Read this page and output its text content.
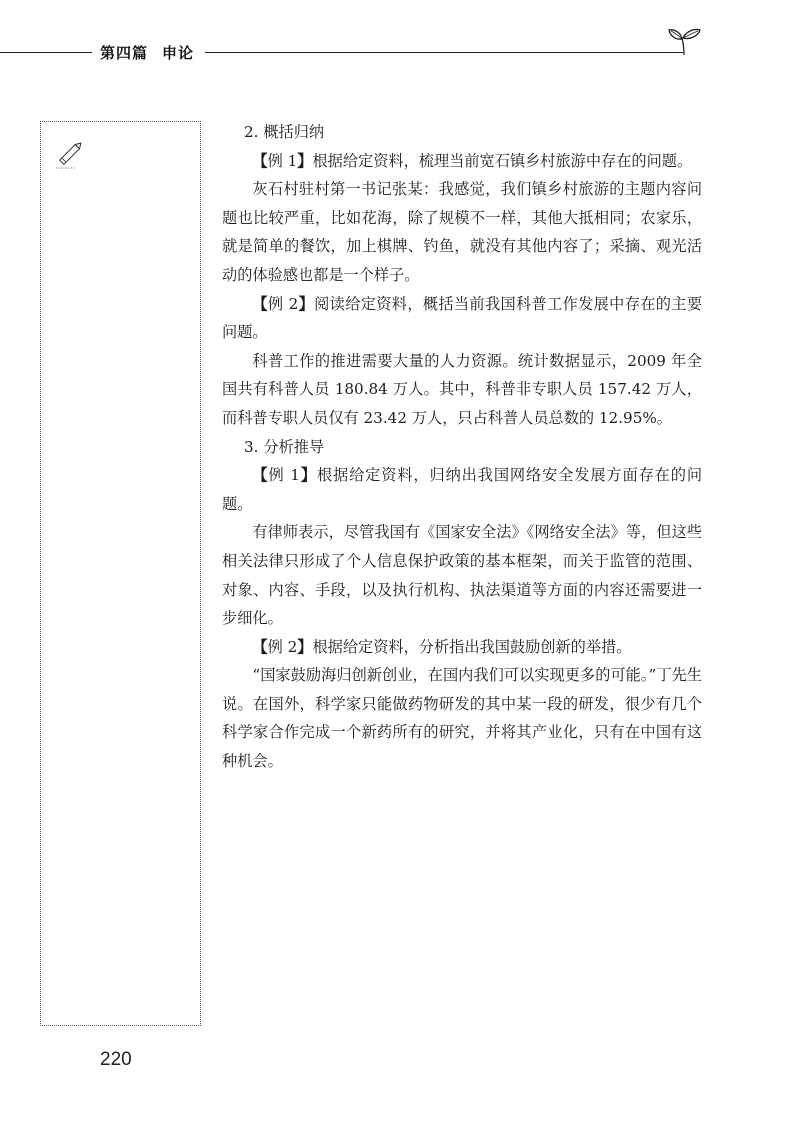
第四篇 申论

2. 概括归纳

【例 1】根据给定资料，梳理当前宽石镇乡村旅游中存在的问题。

灰石村驻村第一书记张某：我感觉，我们镇乡村旅游的主题内容问题也比较严重，比如花海，除了规模不一样，其他大抵相同；农家乐，就是简单的餐饮，加上棋牌、钓鱼，就没有其他内容了；采摘、观光活动的体验感也都是一个样子。

【例 2】阅读给定资料，概括当前我国科普工作发展中存在的主要问题。

科普工作的推进需要大量的人力资源。统计数据显示，2009 年全国共有科普人员 180.84 万人。其中，科普非专职人员 157.42 万人，而科普专职人员仅有 23.42 万人，只占科普人员总数的 12.95%。

3. 分析推导

【例 1】根据给定资料，归纳出我国网络安全发展方面存在的问题。

有律师表示，尽管我国有《国家安全法》《网络安全法》等，但这些相关法律只形成了个人信息保护政策的基本框架，而关于监管的范围、对象、内容、手段，以及执行机构、执法渠道等方面的内容还需要进一步细化。

【例 2】根据给定资料，分析指出我国鼓励创新的举措。

“国家鼓励海归创新创业，在国内我们可以实现更多的可能。”丁先生说。在国外，科学家只能做药物研发的其中某一段的研发，很少有几个科学家合作完成一个新药所有的研究，并将其产业化，只有在中国有这种机会。

220
